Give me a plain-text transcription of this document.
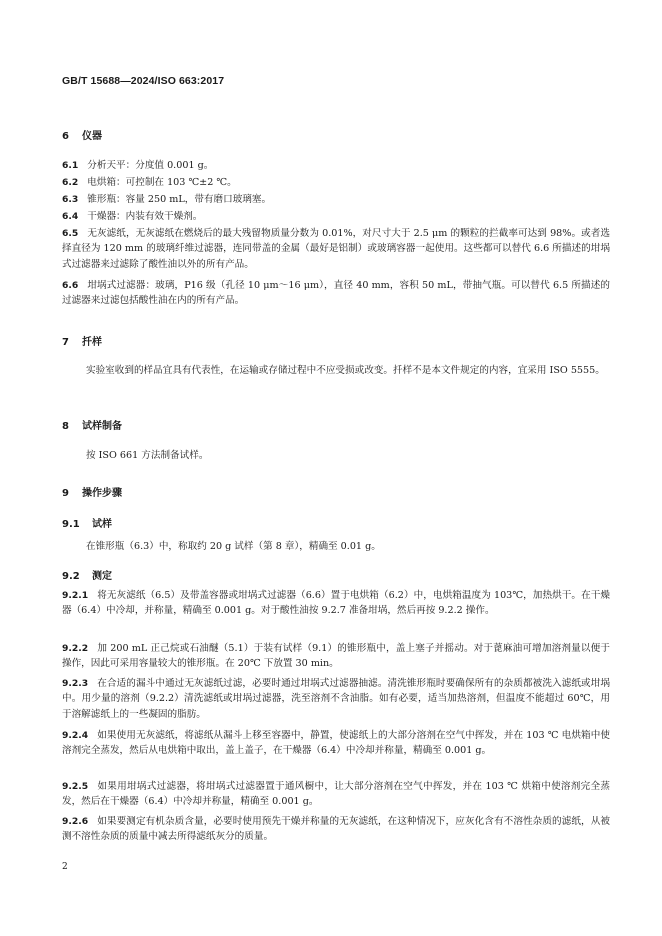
GB/T 15688—2024/ISO 663:2017
6 仪器
6.1 分析天平：分度值 0.001 g。
6.2 电烘箱：可控制在 103 ℃±2 ℃。
6.3 锥形瓶：容量 250 mL，带有磨口玻璃塞。
6.4 干燥器：内装有效干燥剂。
6.5 无灰滤纸，无灰滤纸在燃烧后的最大残留物质量分数为 0.01%，对尺寸大于 2.5 μm 的颗粒的拦截率可达到 98%。或者选择直径为 120 mm 的玻璃纤维过滤器，连同带盖的金属（最好是铝制）或玻璃容器一起使用。这些都可以替代 6.6 所描述的坩埚式过滤器来过滤除了酸性油以外的所有产品。
6.6 坩埚式过滤器：玻璃，P16 级（孔径 10 μm～16 μm），直径 40 mm，容积 50 mL，带抽气瓶。可以替代 6.5 所描述的过滤器来过滤包括酸性油在内的所有产品。
7 扦样
实验室收到的样品宜具有代表性，在运输或存储过程中不应受损或改变。扦样不是本文件规定的内容，宜采用 ISO 5555。
8 试样制备
按 ISO 661 方法制备试样。
9 操作步骤
9.1 试样
在锥形瓶（6.3）中，称取约 20 g 试样（第 8 章），精确至 0.01 g。
9.2 测定
9.2.1 将无灰滤纸（6.5）及带盖容器或坩埚式过滤器（6.6）置于电烘箱（6.2）中，电烘箱温度为 103℃，加热烘干。在干燥器（6.4）中冷却，并称量，精确至 0.001 g。对于酸性油按 9.2.7 准备坩埚，然后再按 9.2.2 操作。
9.2.2 加 200 mL 正己烷或石油醚（5.1）于装有试样（9.1）的锥形瓶中，盖上塞子并摇动。对于蓖麻油可增加溶剂量以便于操作，因此可采用容量较大的锥形瓶。在 20℃ 下放置 30 min。
9.2.3 在合适的漏斗中通过无灰滤纸过滤，必要时通过坩埚式过滤器抽滤。清洗锥形瓶时要确保所有的杂质都被洗入滤纸或坩埚中。用少量的溶剂（9.2.2）清洗滤纸或坩埚过滤器，洗至溶剂不含油脂。如有必要，适当加热溶剂，但温度不能超过 60℃，用于溶解滤纸上的一些凝固的脂肪。
9.2.4 如果使用无灰滤纸，将滤纸从漏斗上移至容器中，静置，使滤纸上的大部分溶剂在空气中挥发，并在 103 ℃ 电烘箱中使溶剂完全蒸发，然后从电烘箱中取出，盖上盖子，在干燥器（6.4）中冷却并称量，精确至 0.001 g。
9.2.5 如果用坩埚式过滤器，将坩埚式过滤器置于通风橱中，让大部分溶剂在空气中挥发，并在 103 ℃ 烘箱中使溶剂完全蒸发，然后在干燥器（6.4）中冷却并称量，精确至 0.001 g。
9.2.6 如果要测定有机杂质含量，必要时使用预先干燥并称量的无灰滤纸，在这种情况下，应灰化含有不溶性杂质的滤纸，从被测不溶性杂质的质量中减去所得滤纸灰分的质量。
2
